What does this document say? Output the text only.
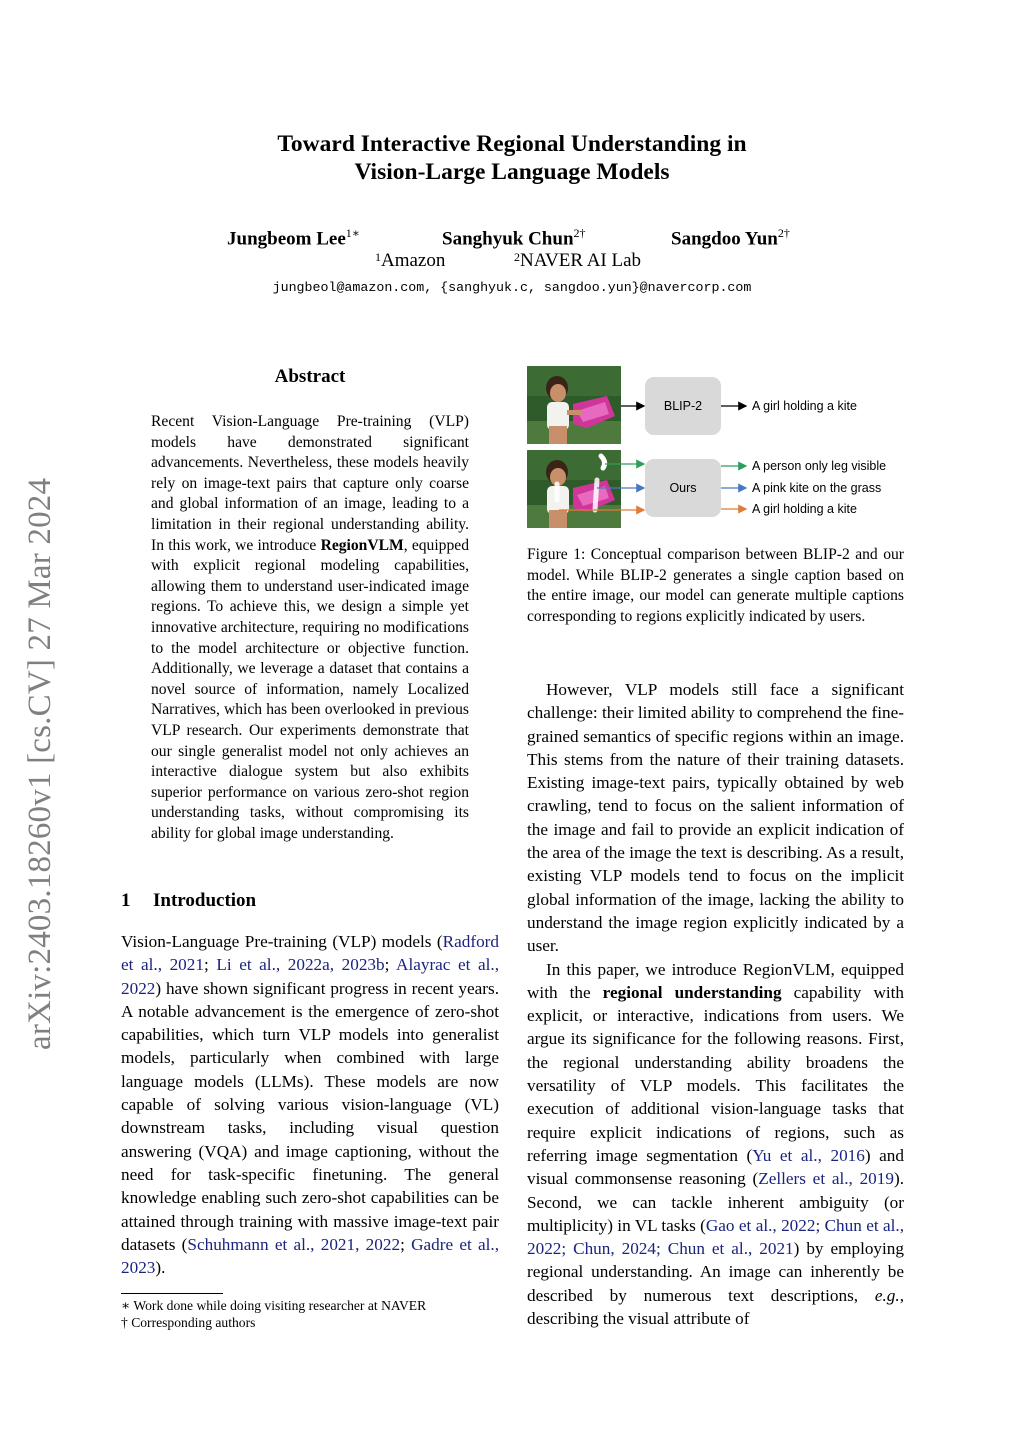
arXiv:2403.18260v1 [cs.CV] 27 Mar 2024
Toward Interactive Regional Understanding in
Vision-Large Language Models
Jungbeom Lee$^{1∗}$	Sanghyuk Chun$^{2\dagger}$	Sangdoo Yun$^{2\dagger}$
$^1$ Amazon	$^2$ NAVER AI Lab
jungbeol@amazon.com, {sanghyuk.c, sangdoo.yun}@navercorp.com
Abstract
Recent Vision-Language Pre-training (VLP) models have demonstrated significant advancements. Nevertheless, these models heavily rely on image-text pairs that capture only coarse and global information of an image, leading to a limitation in their regional understanding ability. In this work, we introduce RegionVLM, equipped with explicit regional modeling capabilities, allowing them to understand user-indicated image regions. To achieve this, we design a simple yet innovative architecture, requiring no modifications to the model architecture or objective function. Additionally, we leverage a dataset that contains a novel source of information, namely Localized Narratives, which has been overlooked in previous VLP research. Our experiments demonstrate that our single generalist model not only achieves an interactive dialogue system but also exhibits superior performance on various zero-shot region understanding tasks, without compromising its ability for global image understanding.
1 Introduction

Vision-Language Pre-training (VLP) models (Radford et al., 2021; Li et al., 2022a, 2023b; Alayrac et al., 2022) have shown significant progress in recent years. A notable advancement is the emergence of zero-shot capabilities, which turn VLP models into generalist models, particularly when combined with large language models (LLMs). These models are now capable of solving various vision-language (VL) downstream tasks, including visual question answering (VQA) and image captioning, without the need for task-specific finetuning. The general knowledge enabling such zero-shot capabilities can be attained through training with massive image-text pair datasets (Schuhmann et al., 2021, 2022; Gadre et al., 2023).

∗ Work done while doing visiting researcher at NAVER
† Corresponding authors
BLIP-2
Ours
A girl holding a kite
A person only leg visible
A pink kite on the grass
A girl holding a kite
Figure 1: Conceptual comparison between BLIP-2 and our model. While BLIP-2 generates a single caption based on the entire image, our model can generate multiple captions corresponding to regions explicitly indicated by users.

However, VLP models still face a significant challenge: their limited ability to comprehend the fine-grained semantics of specific regions within an image. This stems from the nature of their training datasets. Existing image-text pairs, typically obtained by web crawling, tend to focus on the salient information of the image and fail to provide an explicit indication of the area of the image the text is describing. As a result, existing VLP models tend to focus on the implicit global information of the image, lacking the ability to understand the image region explicitly indicated by a user.

In this paper, we introduce RegionVLM, equipped with the regional understanding capability with explicit, or interactive, indications from users. We argue its significance for the following reasons. First, the regional understanding ability broadens the versatility of VLP models. This facilitates the execution of additional vision-language tasks that require explicit indications of regions, such as referring image segmentation (Yu et al., 2016) and visual commonsense reasoning (Zellers et al., 2019). Second, we can tackle inherent ambiguity (or multiplicity) in VL tasks (Gao et al., 2022; Chun et al., 2022; Chun, 2024; Chun et al., 2021) by employing regional understanding. An image can inherently be described by numerous text descriptions, e.g., describing the visual attribute of
